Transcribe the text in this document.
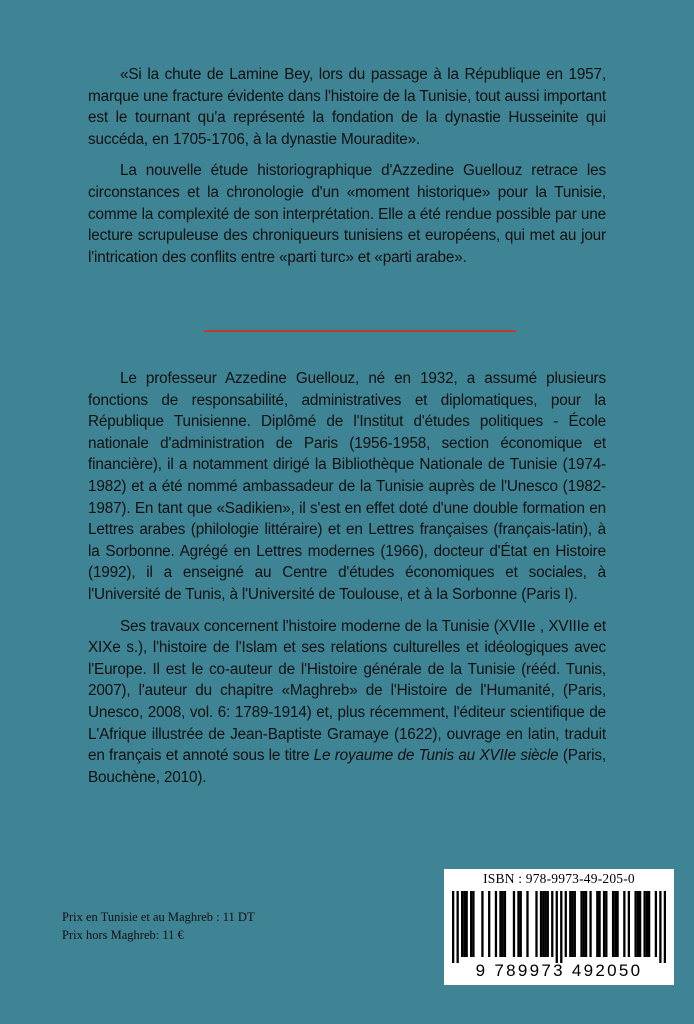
«Si la chute de Lamine Bey, lors du passage à la République en 1957, marque une fracture évidente dans l'histoire de la Tunisie, tout aussi important est le tournant qu'a représenté la fondation de la dynastie Husseinite qui succéda, en 1705-1706, à la dynastie Mouradite».

La nouvelle étude historiographique d'Azzedine Guellouz retrace les circonstances et la chronologie d'un «moment historique» pour la Tunisie, comme la complexité de son interprétation. Elle a été rendue possible par une lecture scrupuleuse des chroniqueurs tunisiens et européens, qui met au jour l'intrication des conflits entre «parti turc» et «parti arabe».

Le professeur Azzedine Guellouz, né en 1932, a assumé plusieurs fonctions de responsabilité, administratives et diplomatiques, pour la République Tunisienne. Diplômé de l'Institut d'études politiques - École nationale d'administration de Paris (1956-1958, section économique et financière), il a notamment dirigé la Bibliothèque Nationale de Tunisie (1974-1982) et a été nommé ambassadeur de la Tunisie auprès de l'Unesco (1982-1987). En tant que «Sadikien», il s'est en effet doté d'une double formation en Lettres arabes (philologie littéraire) et en Lettres françaises (français-latin), à la Sorbonne. Agrégé en Lettres modernes (1966), docteur d'État en Histoire (1992), il a enseigné au Centre d'études économiques et sociales, à l'Université de Tunis, à l'Université de Toulouse, et à la Sorbonne (Paris I).

Ses travaux concernent l'histoire moderne de la Tunisie (XVIIe , XVIIIe et XIXe s.), l'histoire de l'Islam et ses relations culturelles et idéologiques avec l'Europe. Il est le co-auteur de l'Histoire générale de la Tunisie (rééd. Tunis, 2007), l'auteur du chapitre «Maghreb» de l'Histoire de l'Humanité, (Paris, Unesco, 2008, vol. 6: 1789-1914) et, plus récemment, l'éditeur scientifique de L'Afrique illustrée de Jean-Baptiste Gramaye (1622), ouvrage en latin, traduit en français et annoté sous le titre Le royaume de Tunis au XVIIe siècle (Paris, Bouchène, 2010).

Prix en Tunisie et au Maghreb : 11 DT
Prix hors Maghreb: 11 €
ISBN : 978-9973-49-205-0
9 789973 492050
